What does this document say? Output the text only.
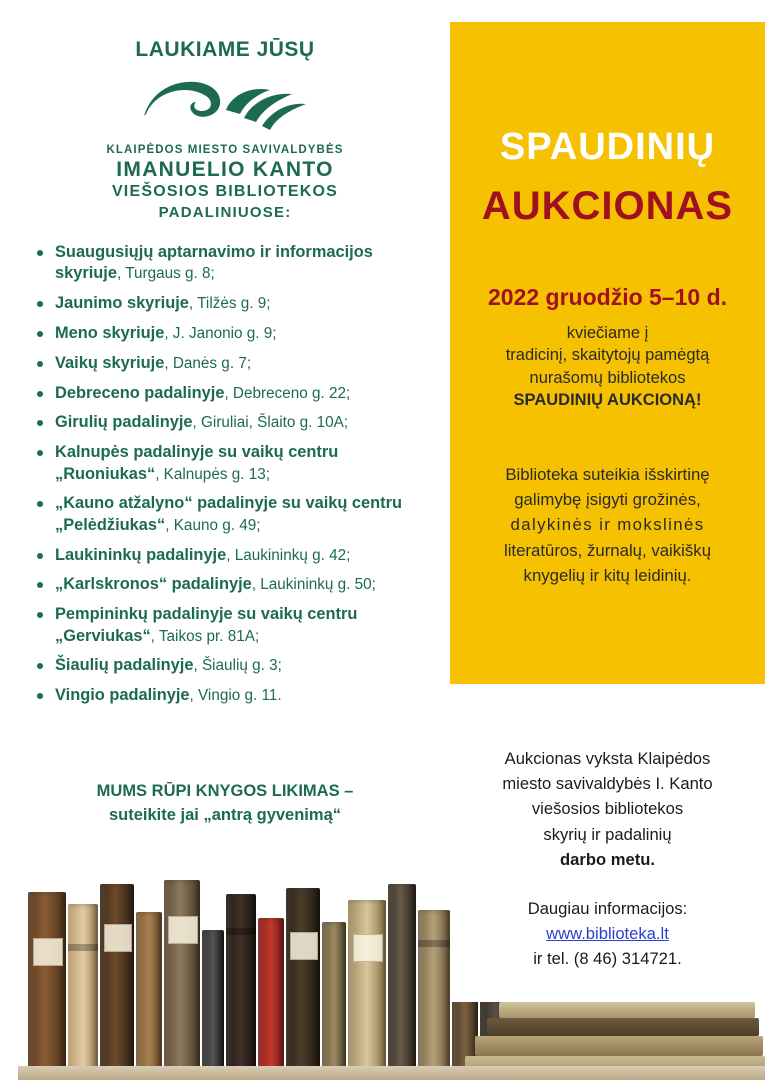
LAUKIAME JŪSŲ
KLAIPĖDOS MIESTO SAVIVALDYBĖS
IMANUELIO KANTO
VIEŠOSIOS BIBLIOTEKOS
PADALINIUOSE:
Suaugusiųjų aptarnavimo ir informacijos skyriuje, Turgaus g. 8;
Jaunimo skyriuje, Tilžės g. 9;
Meno skyriuje, J. Janonio g. 9;
Vaikų skyriuje, Danės g. 7;
Debreceno padalinyje, Debreceno g. 22;
Girulių padalinyje, Giruliai, Šlaito g. 10A;
Kalnupės padalinyje su vaikų centru „Ruoniukas“, Kalnupės g. 13;
„Kauno atžalyno“ padalinyje su vaikų centru „Pelėdžiukas“, Kauno g. 49;
Laukininkų padalinyje, Laukininkų g. 42;
„Karlskronos“ padalinyje, Laukininkų g. 50;
Pempininkų padalinyje su vaikų centru „Gerviukas“, Taikos pr. 81A;
Šiaulių padalinyje, Šiaulių g. 3;
Vingio padalinyje, Vingio g. 11.
MUMS RŪPI KNYGOS LIKIMAS –
suteikite jai „antrą gyvenimą“
SPAUDINIŲ
AUKCIONAS
2022 gruodžio 5–10 d.
kviečiame į
tradicinį, skaitytojų pamėgtą
nurašomų bibliotekos
SPAUDINIŲ AUKCIONĄ!
Biblioteka suteikia išskirtinę
galimybę įsigyti grožinės,
dalykinės ir mokslinės
literatūros, žurnalų, vaikiškų
knygelių ir kitų leidinių.
Aukcionas vyksta Klaipėdos
miesto savivaldybės I. Kanto
viešosios bibliotekos
skyrių ir padalinių
darbo metu.
Daugiau informacijos:
www.biblioteka.lt
ir tel. (8 46) 314721.
